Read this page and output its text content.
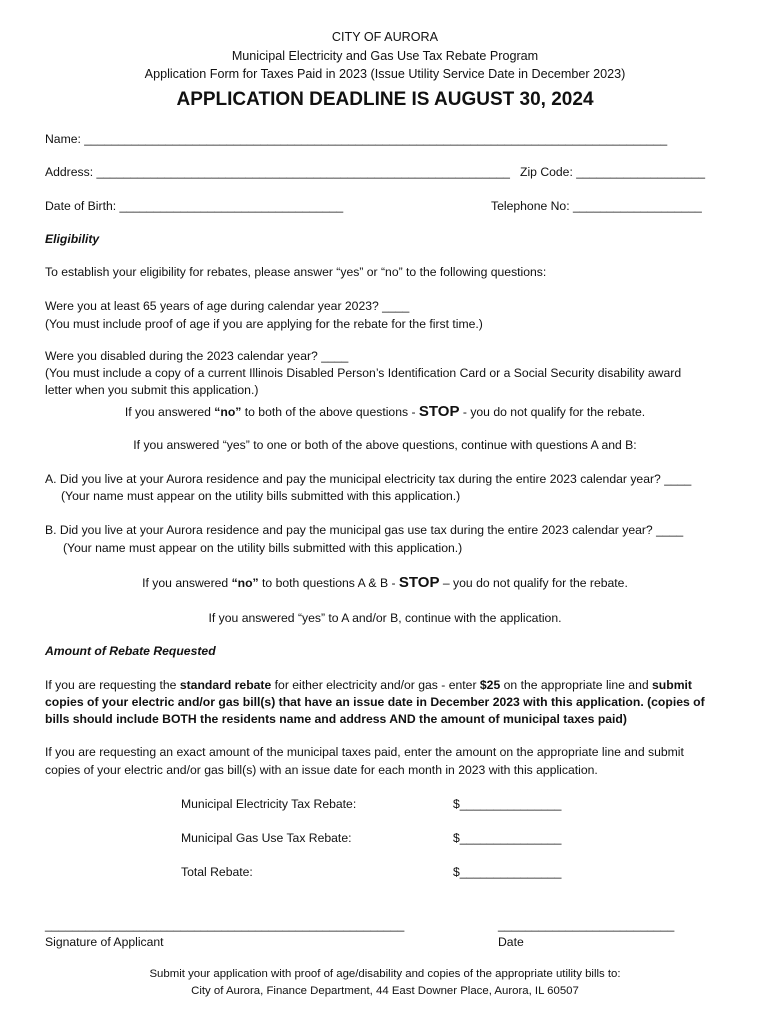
CITY OF AURORA
Municipal Electricity and Gas Use Tax Rebate Program
Application Form for Taxes Paid in 2023 (Issue Utility Service Date in December 2023)
APPLICATION DEADLINE IS AUGUST 30, 2024
Name: ______________________________________________________________________________________
Address: _____________________________________________________________ Zip Code: ___________________
Date of Birth: _________________________________	Telephone No: ___________________
Eligibility
To establish your eligibility for rebates, please answer “yes” or “no” to the following questions:
Were you at least 65 years of age during calendar year 2023? ____
(You must include proof of age if you are applying for the rebate for the first time.)
Were you disabled during the 2023 calendar year? ____
(You must include a copy of a current Illinois Disabled Person’s Identification Card or a Social Security disability award
letter when you submit this application.)
If you answered “no” to both of the above questions - STOP - you do not qualify for the rebate.
If you answered “yes” to one or both of the above questions, continue with questions A and B:
A. Did you live at your Aurora residence and pay the municipal electricity tax during the entire 2023 calendar year? ____
(Your name must appear on the utility bills submitted with this application.)
B. Did you live at your Aurora residence and pay the municipal gas use tax during the entire 2023 calendar year? ____
(Your name must appear on the utility bills submitted with this application.)
If you answered “no” to both questions A & B - STOP – you do not qualify for the rebate.
If you answered “yes” to A and/or B, continue with the application.
Amount of Rebate Requested
If you are requesting the standard rebate for either electricity and/or gas - enter $25 on the appropriate line and submit
copies of your electric and/or gas bill(s) that have an issue date in December 2023 with this application. (copies of
bills should include BOTH the residents name and address AND the amount of municipal taxes paid)
If you are requesting an exact amount of the municipal taxes paid, enter the amount on the appropriate line and submit
copies of your electric and/or gas bill(s) with an issue date for each month in 2023 with this application.
Municipal Electricity Tax Rebate:	$_______________
Municipal Gas Use Tax Rebate:	$_______________
Total Rebate:	$_______________
_____________________________________________________
Signature of Applicant
__________________________
Date
Submit your application with proof of age/disability and copies of the appropriate utility bills to:
City of Aurora, Finance Department, 44 East Downer Place, Aurora, IL 60507
